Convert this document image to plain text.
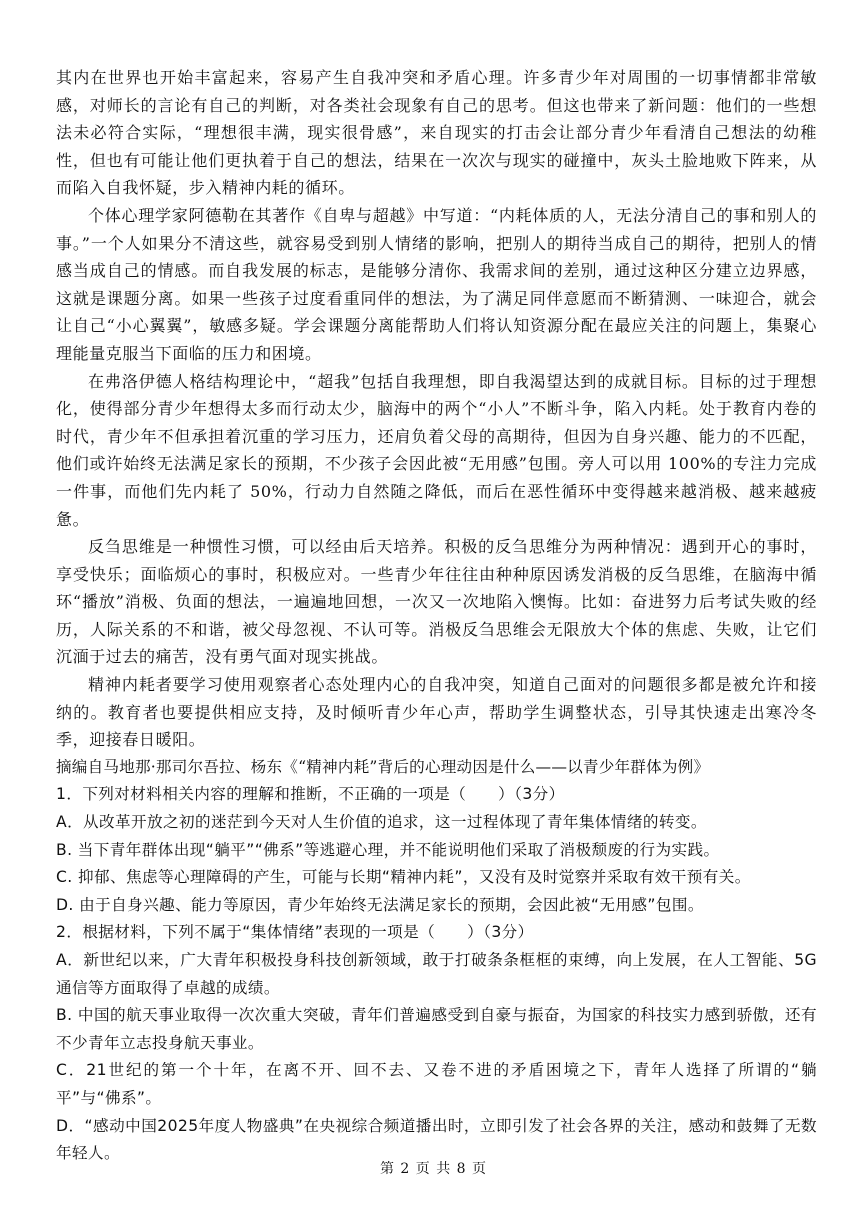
其内在世界也开始丰富起来，容易产生自我冲突和矛盾心理。许多青少年对周围的一切事情都非常敏感，对师长的言论有自己的判断，对各类社会现象有自己的思考。但这也带来了新问题：他们的一些想法未必符合实际，“理想很丰满，现实很骨感”，来自现实的打击会让部分青少年看清自己想法的幼稚性，但也有可能让他们更执着于自己的想法，结果在一次次与现实的碰撞中，灰头土脸地败下阵来，从而陷入自我怀疑，步入精神内耗的循环。

个体心理学家阿德勒在其著作《自卑与超越》中写道：“内耗体质的人，无法分清自己的事和别人的事。”一个人如果分不清这些，就容易受到别人情绪的影响，把别人的期待当成自己的期待，把别人的情感当成自己的情感。而自我发展的标志，是能够分清你、我需求间的差别，通过这种区分建立边界感，这就是课题分离。如果一些孩子过度看重同伴的想法，为了满足同伴意愿而不断猜测、一味迎合，就会让自己“小心翼翼”，敏感多疑。学会课题分离能帮助人们将认知资源分配在最应关注的问题上，集聚心理能量克服当下面临的压力和困境。

在弗洛伊德人格结构理论中，“超我”包括自我理想，即自我渴望达到的成就目标。目标的过于理想化，使得部分青少年想得太多而行动太少，脑海中的两个“小人”不断斗争，陷入内耗。处于教育内卷的时代，青少年不但承担着沉重的学习压力，还肩负着父母的高期待，但因为自身兴趣、能力的不匹配，他们或许始终无法满足家长的预期，不少孩子会因此被“无用感”包围。旁人可以用 100%的专注力完成一件事，而他们先内耗了 50%，行动力自然随之降低，而后在恶性循环中变得越来越消极、越来越疲惫。

反刍思维是一种惯性习惯，可以经由后天培养。积极的反刍思维分为两种情况：遇到开心的事时，享受快乐；面临烦心的事时，积极应对。一些青少年往往由种种原因诱发消极的反刍思维，在脑海中循环“播放”消极、负面的想法，一遍遍地回想，一次又一次地陷入懊悔。比如：奋进努力后考试失败的经历，人际关系的不和谐，被父母忽视、不认可等。消极反刍思维会无限放大个体的焦虑、失败，让它们沉湎于过去的痛苦，没有勇气面对现实挑战。

精神内耗者要学习使用观察者心态处理内心的自我冲突，知道自己面对的问题很多都是被允许和接纳的。教育者也要提供相应支持，及时倾听青少年心声，帮助学生调整状态，引导其快速走出寒冷冬季，迎接春日暖阳。

摘编自马地那·那司尔吾拉、杨东《“精神内耗”背后的心理动因是什么——以青少年群体为例》

1．下列对材料相关内容的理解和推断，不正确的一项是（　　）（3分）

A．从改革开放之初的迷茫到今天对人生价值的追求，这一过程体现了青年集体情绪的转变。

B. 当下青年群体出现“躺平”“佛系”等逃避心理，并不能说明他们采取了消极颓废的行为实践。

C. 抑郁、焦虑等心理障碍的产生，可能与长期“精神内耗”，又没有及时觉察并采取有效干预有关。

D. 由于自身兴趣、能力等原因，青少年始终无法满足家长的预期，会因此被“无用感”包围。

2．根据材料，下列不属于“集体情绪”表现的一项是（　　）（3分）

A．新世纪以来，广大青年积极投身科技创新领域，敢于打破条条框框的束缚，向上发展，在人工智能、5G通信等方面取得了卓越的成绩。

B. 中国的航天事业取得一次次重大突破，青年们普遍感受到自豪与振奋，为国家的科技实力感到骄傲，还有不少青年立志投身航天事业。

C．21世纪的第一个十年，在离不开、回不去、又卷不进的矛盾困境之下，青年人选择了所谓的“躺平”与“佛系”。

D．“感动中国2025年度人物盛典”在央视综合频道播出时，立即引发了社会各界的关注，感动和鼓舞了无数年轻人。

第 2 页 共 8 页
